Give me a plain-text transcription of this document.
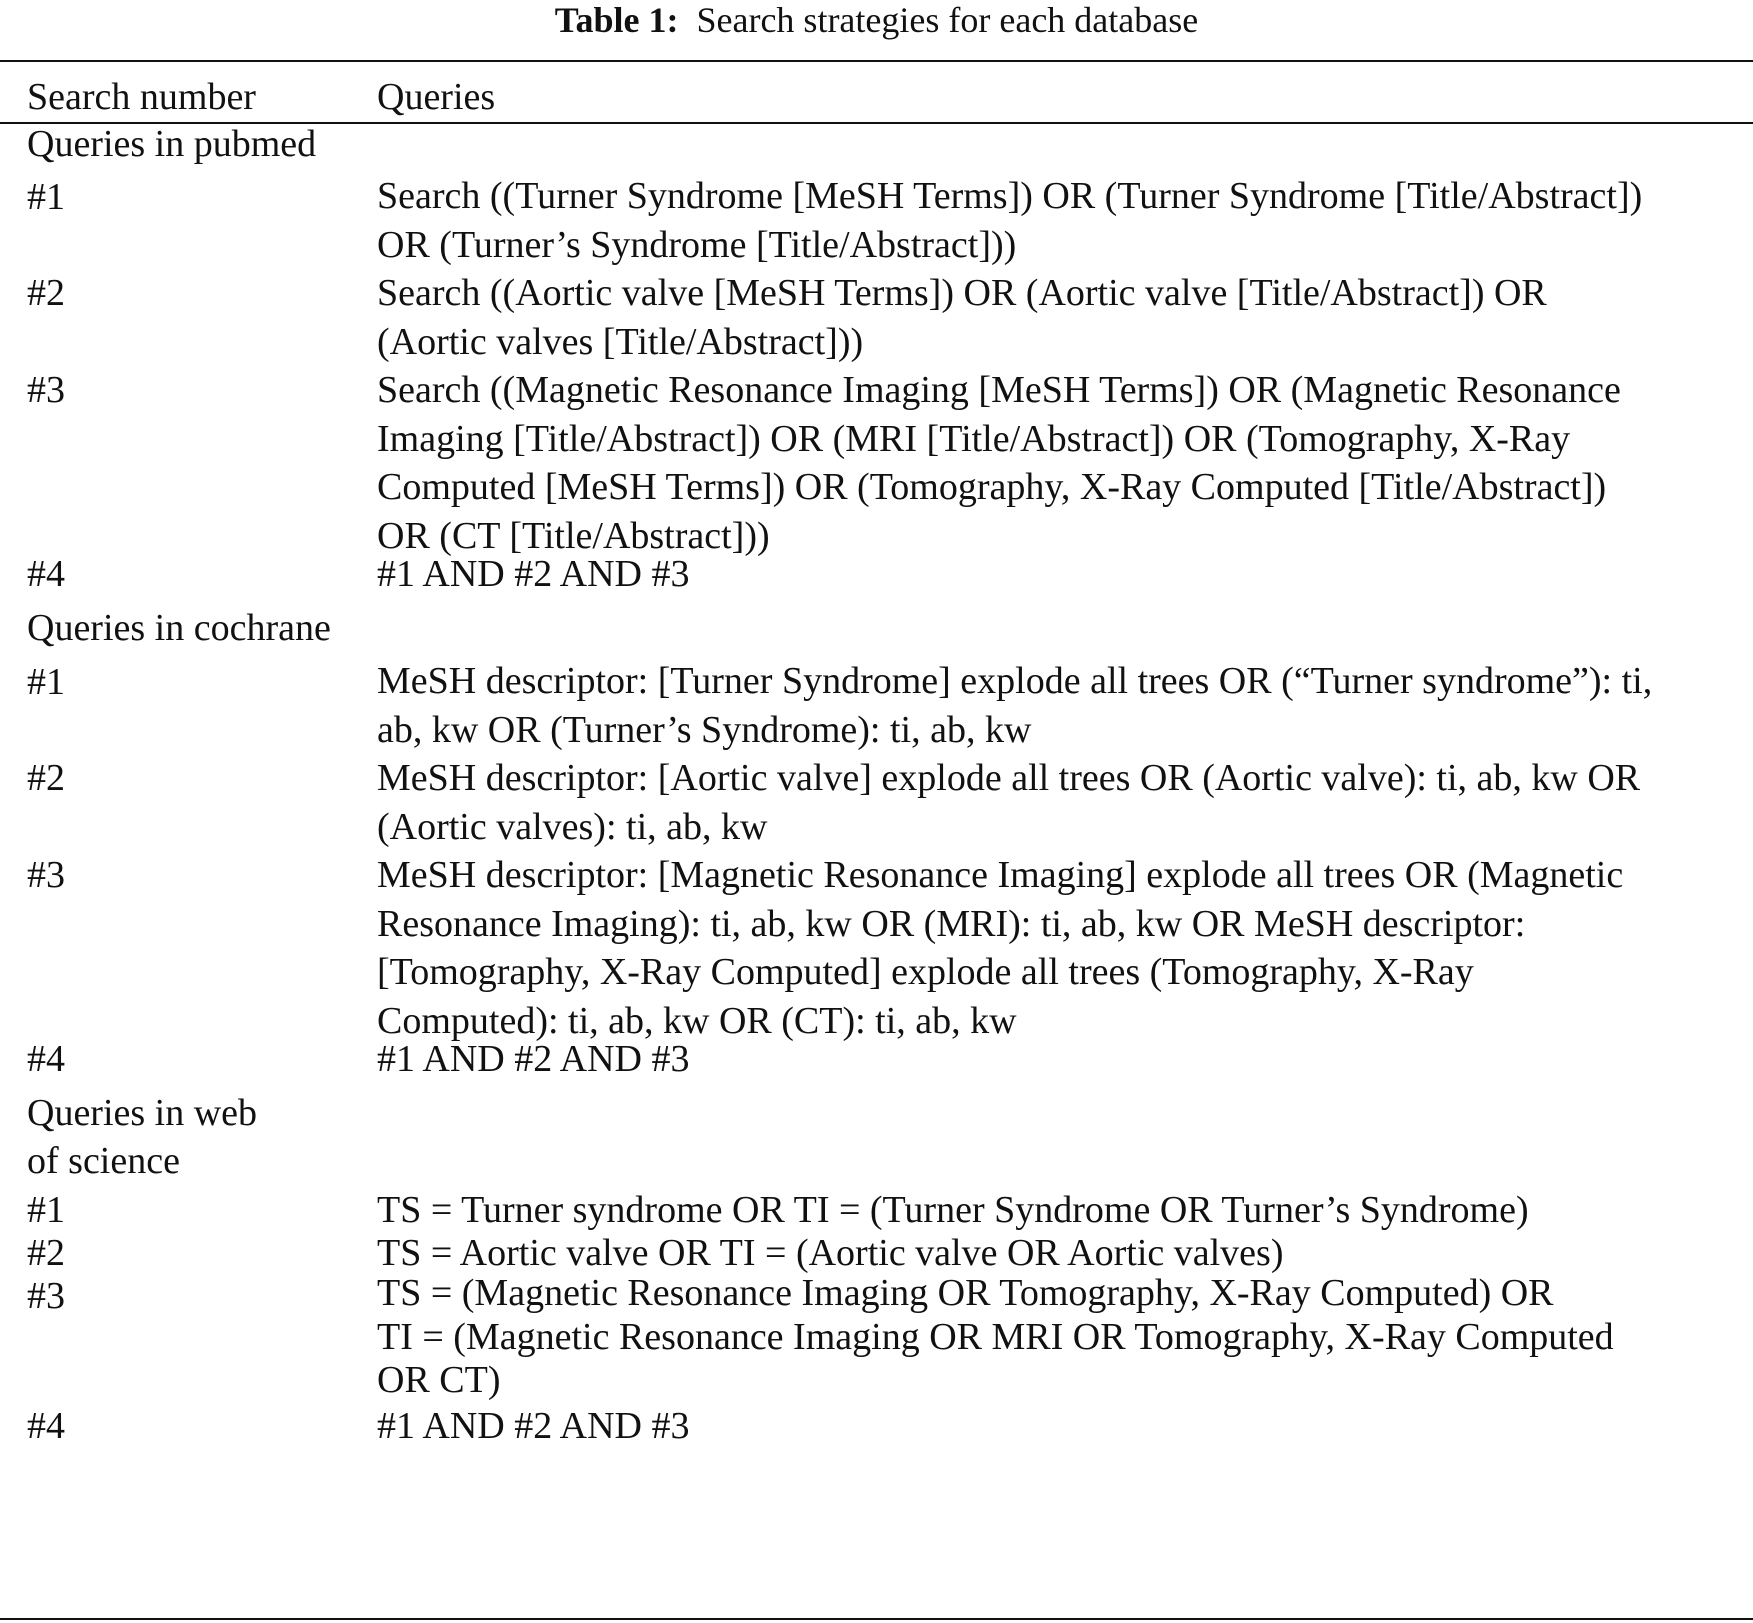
Table 1: Search strategies for each database
Search number	Queries
Queries in pubmed
#1	Search ((Turner Syndrome [MeSH Terms]) OR (Turner Syndrome [Title/Abstract])
OR (Turner’s Syndrome [Title/Abstract]))
#2	Search ((Aortic valve [MeSH Terms]) OR (Aortic valve [Title/Abstract]) OR
(Aortic valves [Title/Abstract]))
#3	Search ((Magnetic Resonance Imaging [MeSH Terms]) OR (Magnetic Resonance
Imaging [Title/Abstract]) OR (MRI [Title/Abstract]) OR (Tomography, X-Ray
Computed [MeSH Terms]) OR (Tomography, X-Ray Computed [Title/Abstract])
OR (CT [Title/Abstract]))
#4	#1 AND #2 AND #3
Queries in cochrane
#1	MeSH descriptor: [Turner Syndrome] explode all trees OR (“Turner syndrome”): ti,
ab, kw OR (Turner’s Syndrome): ti, ab, kw
#2	MeSH descriptor: [Aortic valve] explode all trees OR (Aortic valve): ti, ab, kw OR
(Aortic valves): ti, ab, kw
#3	MeSH descriptor: [Magnetic Resonance Imaging] explode all trees OR (Magnetic
Resonance Imaging): ti, ab, kw OR (MRI): ti, ab, kw OR MeSH descriptor:
[Tomography, X-Ray Computed] explode all trees (Tomography, X-Ray
Computed): ti, ab, kw OR (CT): ti, ab, kw
#4	#1 AND #2 AND #3
Queries in web
of science
#1	TS = Turner syndrome OR TI = (Turner Syndrome OR Turner’s Syndrome)
#2	TS = Aortic valve OR TI = (Aortic valve OR Aortic valves)
#3	TS = (Magnetic Resonance Imaging OR Tomography, X-Ray Computed) OR
TI = (Magnetic Resonance Imaging OR MRI OR Tomography, X-Ray Computed
OR CT)
#4	#1 AND #2 AND #3
